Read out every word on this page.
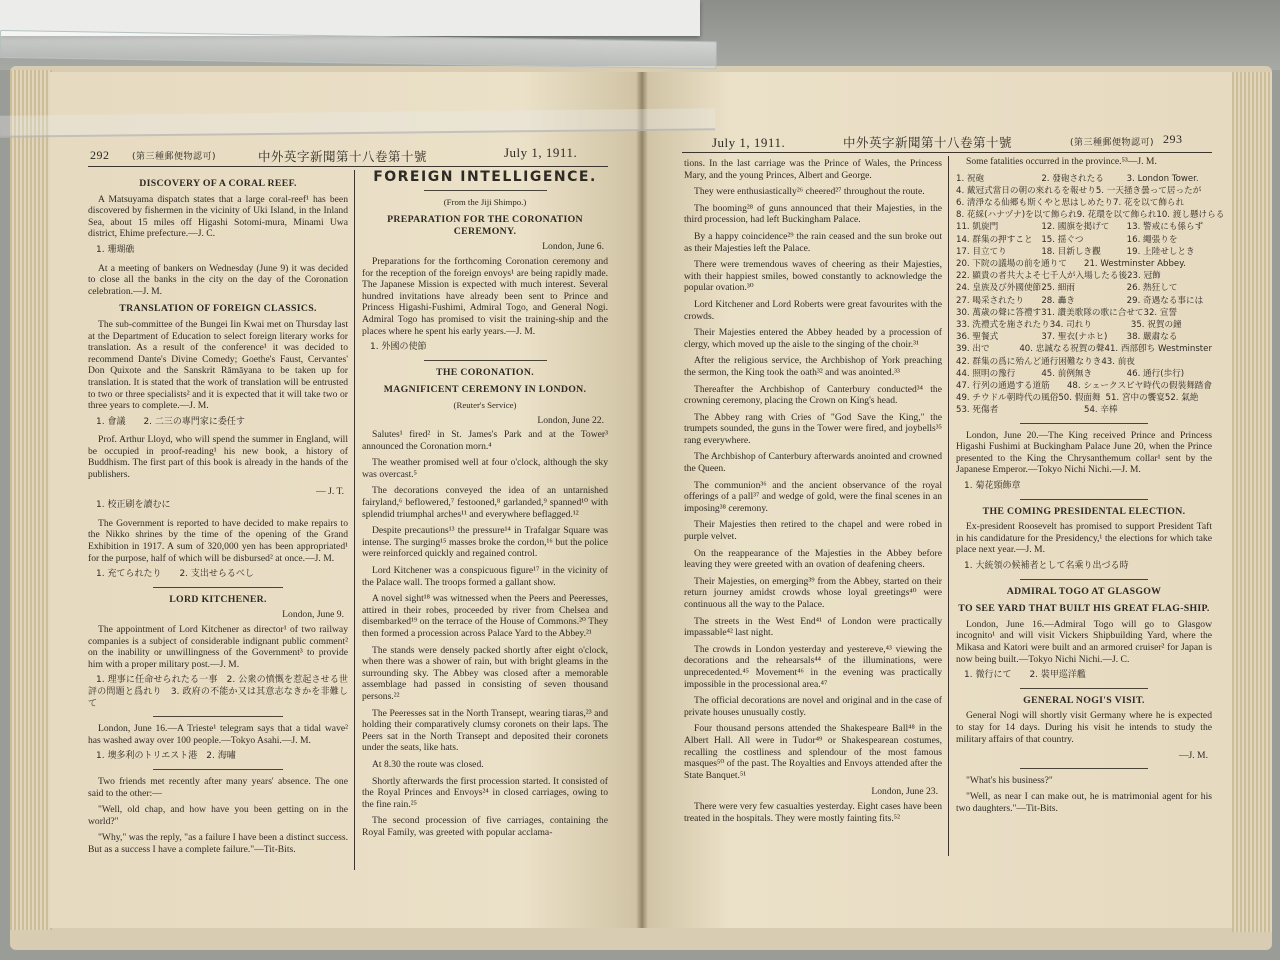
292	(第三種郵便物認可)	中外英字新聞第十八卷第十號	July 1, 1911.
July 1, 1911.	中外英字新聞第十八卷第十號	(第三種郵便物認可) 293
DISCOVERY OF A CORAL REEF.

A Matsuyama dispatch states that a large coral-reef¹ has been discovered by fishermen in the vicinity of Uki Island, in the Inland Sea, about 15 miles off Higashi Sotomi-mura, Minami Uwa district, Ehime prefecture.—J. C.

1. 珊瑚礁

At a meeting of bankers on Wednesday (June 9) it was decided to close all the banks in the city on the day of the Coronation celebration.—J. M.

TRANSLATION OF FOREIGN CLASSICS.

The sub-committee of the Bungei Iin Kwai met on Thursday last at the Department of Education to select foreign literary works for translation. As a result of the conference¹ it was decided to recommend Dante's Divine Comedy; Goethe's Faust, Cervantes' Don Quixote and the Sanskrit Rāmāyana to be taken up for translation. It is stated that the work of translation will be entrusted to two or three specialists² and it is expected that it will take two or three years to complete.—J. M.

1. 會議　　2. 二三の專門家に委任す

Prof. Arthur Lloyd, who will spend the summer in England, will be occupied in proof-reading¹ his new book, a history of Buddhism. The first part of this book is already in the hands of the publishers.

— J. T.
1. 校正刷を讀むに

The Government is reported to have decided to make repairs to the Nikko shrines by the time of the opening of the Grand Exhibition in 1917. A sum of 320,000 yen has been appropriated¹ for the purpose, half of which will be disbursed² at once.—J. M.

1. 充てられたり　　2. 支出せらるべし
LORD KITCHENER.
London, June 9.

The appointment of Lord Kitchener as director¹ of two railway companies is a subject of considerable indignant public comment² on the inability or unwillingness of the Government³ to provide him with a proper military post.—J. M.

1. 理事に任命せられたる一事　2. 公衆の憤慨を惹起させる世評の問題と爲れり　3. 政府の不能か又は其意志なきかを非難して

London, June 16.—A Trieste¹ telegram says that a tidal wave² has washed away over 100 people.—Tokyo Asahi.—J. M.

1. 墺多利のトリエスト港　2. 海嘯

Two friends met recently after many years' absence. The one said to the other:—

"Well, old chap, and how have you been getting on in the world?"

"Why," was the reply, "as a failure I have been a distinct success. But as a success I have a complete failure."—Tit-Bits.

FOREIGN INTELLIGENCE.
(From the Jiji Shimpo.)
PREPARATION FOR THE CORONATION CEREMONY.
London, June 6.

Preparations for the forthcoming Coronation ceremony and for the reception of the foreign envoys¹ are being rapidly made. The Japanese Mission is expected with much interest. Several hundred invitations have already been sent to Prince and Princess Higashi-Fushimi, Admiral Togo, and General Nogi. Admiral Togo has promised to visit the training-ship and the places where he spent his early years.—J. M.

1. 外國の使節
THE CORONATION.
MAGNIFICENT CEREMONY IN LONDON.
(Reuter's Service)
London, June 22.

Salutes¹ fired² in St. James's Park and at the Tower³ announced the Coronation morn.⁴

The weather promised well at four o'clock, although the sky was overcast.⁵

The decorations conveyed the idea of an untarnished fairyland,⁶ beflowered,⁷ festooned,⁸ garlanded,⁹ spanned¹⁰ with splendid triumphal arches¹¹ and everywhere beflagged.¹²

Despite precautions¹³ the pressure¹⁴ in Trafalgar Square was intense. The surging¹⁵ masses broke the cordon,¹⁶ but the police were reinforced quickly and regained control.

Lord Kitchener was a conspicuous figure¹⁷ in the vicinity of the Palace wall. The troops formed a gallant show.

A novel sight¹⁸ was witnessed when the Peers and Peeresses, attired in their robes, proceeded by river from Chelsea and disembarked¹⁹ on the terrace of the House of Commons.²⁰ They then formed a procession across Palace Yard to the Abbey.²¹

The stands were densely packed shortly after eight o'clock, when there was a shower of rain, but with bright gleams in the surrounding sky. The Abbey was closed after a memorable assemblage had passed in consisting of seven thousand persons.²²

The Peeresses sat in the North Transept, wearing tiaras,²³ and holding their comparatively clumsy coronets on their laps. The Peers sat in the North Transept and deposited their coronets under the seats, like hats.

At 8.30 the route was closed.

Shortly afterwards the first procession started. It consisted of the Royal Princes and Envoys²⁴ in closed carriages, owing to the fine rain.²⁵

The second procession of five carriages, containing the Royal Family, was greeted with popular acclama-

tions. In the last carriage was the Prince of Wales, the Princess Mary, and the young Princes, Albert and George.

They were enthusiastically²⁶ cheered²⁷ throughout the route.

The booming²⁸ of guns announced that their Majesties, in the third procession, had left Buckingham Palace.

By a happy coincidence²⁹ the rain ceased and the sun broke out as their Majesties left the Palace.

There were tremendous waves of cheering as their Majesties, with their happiest smiles, bowed constantly to acknowledge the popular ovation.³⁰

Lord Kitchener and Lord Roberts were great favourites with the crowds.

Their Majesties entered the Abbey headed by a procession of clergy, which moved up the aisle to the singing of the choir.³¹

After the religious service, the Archbishop of York preaching the sermon, the King took the oath³² and was anointed.³³

Thereafter the Archbishop of Canterbury conducted³⁴ the crowning ceremony, placing the Crown on King's head.

The Abbey rang with Cries of "God Save the King," the trumpets sounded, the guns in the Tower were fired, and joybells³⁵ rang everywhere.

The Archbishop of Canterbury afterwards anointed and crowned the Queen.

The communion³⁶ and the ancient observance of the royal offerings of a pall³⁷ and wedge of gold, were the final scenes in an imposing³⁸ ceremony.

Their Majesties then retired to the chapel and were robed in purple velvet.

On the reappearance of the Majesties in the Abbey before leaving they were greeted with an ovation of deafening cheers.

Their Majesties, on emerging³⁹ from the Abbey, started on their return journey amidst crowds whose loyal greetings⁴⁰ were continuous all the way to the Palace.

The streets in the West End⁴¹ of London were practically impassable⁴² last night.

The crowds in London yesterday and yestereve,⁴³ viewing the decorations and the rehearsals⁴⁴ of the illuminations, were unprecedented.⁴⁵ Movement⁴⁶ in the evening was practically impossible in the processional area.⁴⁷

The official decorations are novel and original and in the case of private houses unusually costly.

Four thousand persons attended the Shakespeare Ball⁴⁸ in the Albert Hall. All were in Tudor⁴⁹ or Shakespearean costumes, recalling the costliness and splendour of the most famous masques⁵⁰ of the past. The Royalties and Envoys attended after the State Banquet.⁵¹

London, June 23.

There were very few casualties yesterday. Eight cases have been treated in the hospitals. They were mostly fainting fits.⁵²

Some fatalities occurred in the province.⁵³—J. M.

1. 祝砲	2. 發砲されたる	3. London Tower.
4. 戴冠式當日の朝の來れるを報せり 5. 一天掻き曇って居ったが
6. 清淨なる仙郷も斯くやと思はしめたり 7. 花を以て飾られ
8. 花綵(ハナヅナ)を以て飾られ 9. 花環を以て飾られ 10. 渡し懸けらる
11. 凱旋門	12. 國旗を掲げて	13. 警戒にも係らず
14. 群集の押すこと	15. 揺ぐつ	16. 繩張りを
17. 目立てり	18. 目新しき觀	19. 上陸せしとき
20. 下院の議場の前を通りて	21. Westminster Abbey.
22. 顯貴の者共大よそ七千人が入場したる後 23. 冠飾
24. 皇族及び外國使節 25. 細雨	26. 熱狂して
27. 喝采されたり	28. 轟き	29. 奇遇なる事には
30. 萬歳の聲に答禮す 31. 讚美歌隊の歌に合せて 32. 宣誓
33. 洗禮式を施されたり 34. 司れり	35. 祝賀の鐘
36. 聖餐式	37. 聖衣(ナホヒ)	38. 嚴肅なる
39. 出で	40. 忠誠なる祝賀の聲 41. 西部卽ち Westminster
42. 群集の爲に殆んど通行困難なりき 43. 前夜
44. 照明の豫行	45. 前例無き	46. 通行(歩行)
47. 行列の通過する道筋	48. シェークスピヤ時代の假裝舞踏會
49. チウドル朝時代の風俗 50. 假面舞 51. 宮中の饗宴 52. 氣絶
53. 死傷者	54. 辛棒

London, June 20.—The King received Prince and Princess Higashi Fushimi at Buckingham Palace June 20, when the Prince presented to the King the Chrysanthemum collar¹ sent by the Japanese Emperor.—Tokyo Nichi Nichi.—J. M.

1. 菊花頸飾章
THE COMING PRESIDENTAL ELECTION.

Ex-president Roosevelt has promised to support President Taft in his candidature for the Presidency,¹ the elections for which take place next year.—J. M.

1. 大統領の候補者として名乘り出づる時
ADMIRAL TOGO AT GLASGOW
TO SEE YARD THAT BUILT HIS GREAT FLAG-SHIP.

London, June 16.—Admiral Togo will go to Glasgow incognito¹ and will visit Vickers Shipbuilding Yard, where the Mikasa and Katori were built and an armored cruiser² for Japan is now being built.—Tokyo Nichi Nichi.—J. C.

1. 微行にて　　2. 裝甲巡洋艦
GENERAL NOGI'S VISIT.

General Nogi will shortly visit Germany where he is expected to stay for 14 days. During his visit he intends to study the military affairs of that country.

—J. M.

"What's his business?"

"Well, as near I can make out, he is matrimonial agent for his two daughters."—Tit-Bits.
